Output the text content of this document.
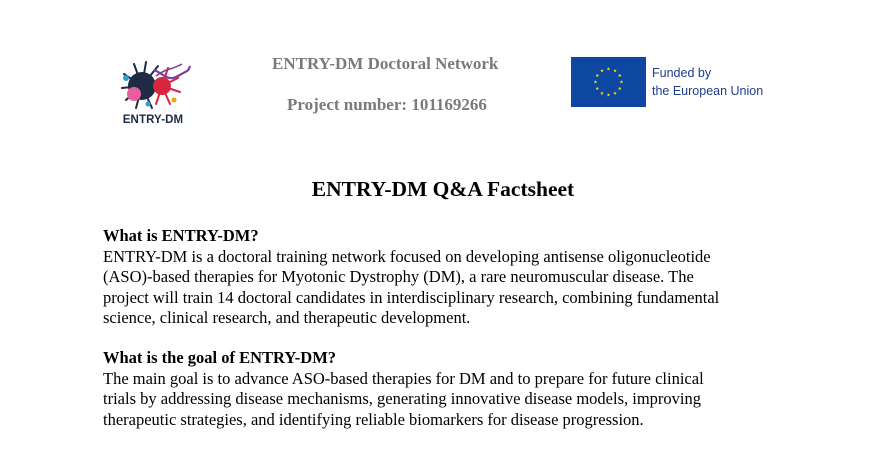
ENTRY-DM
ENTRY-DM Doctoral Network
Project number: 101169266
Funded by
the European Union
ENTRY-DM Q&A Factsheet

What is ENTRY-DM?

ENTRY-DM is a doctoral training network focused on developing antisense oligonucleotide
(ASO)-based therapies for Myotonic Dystrophy (DM), a rare neuromuscular disease. The
project will train 14 doctoral candidates in interdisciplinary research, combining fundamental
science, clinical research, and therapeutic development.

What is the goal of ENTRY-DM?

The main goal is to advance ASO-based therapies for DM and to prepare for future clinical
trials by addressing disease mechanisms, generating innovative disease models, improving
therapeutic strategies, and identifying reliable biomarkers for disease progression.
